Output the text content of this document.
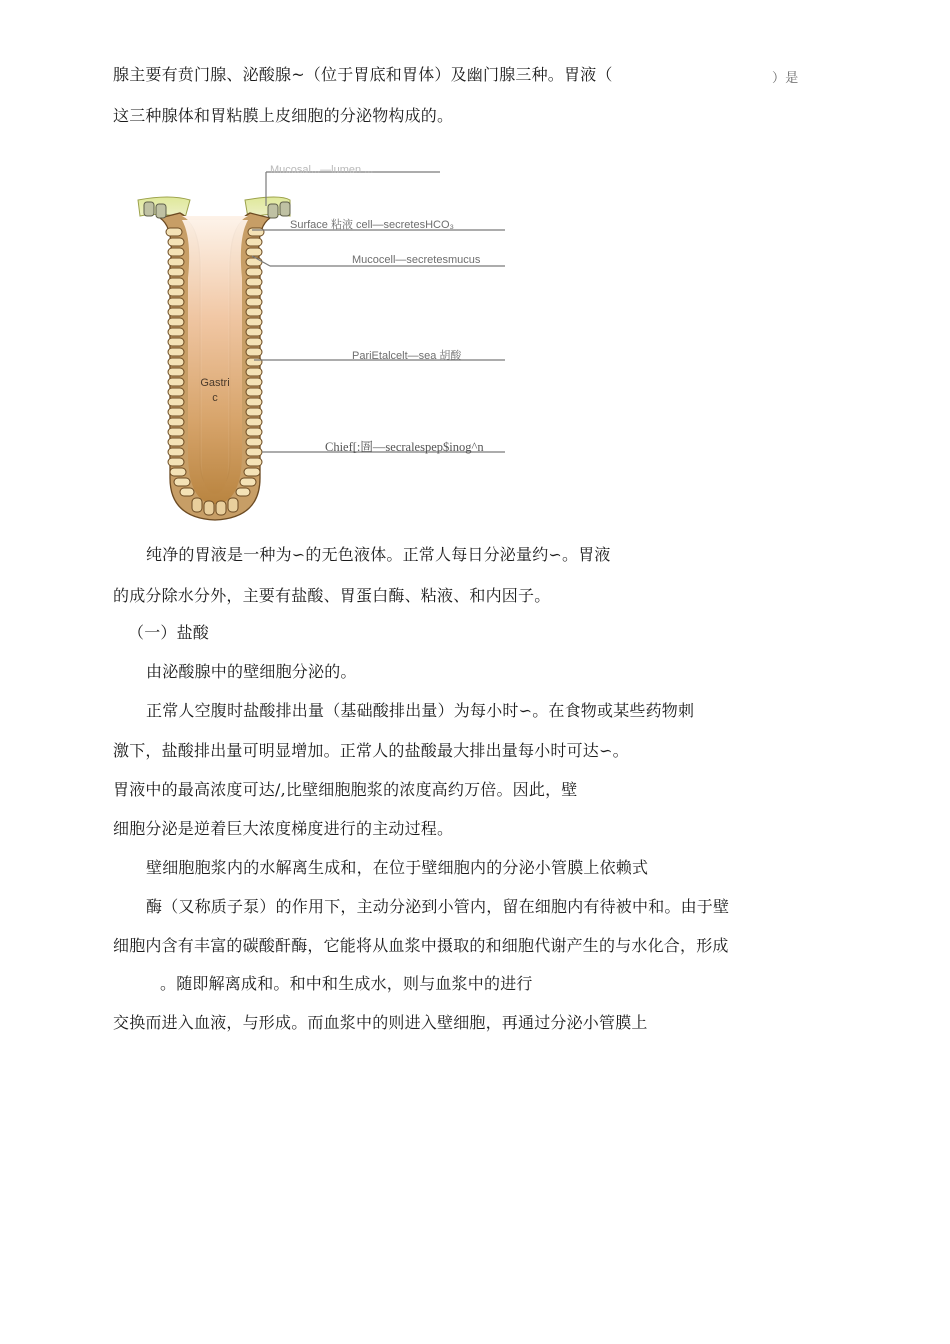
腺主要有贲门腺、泌酸腺~（位于胃底和胃体）及幽门腺三种。胃液（	）是
这三种腺体和胃粘膜上皮细胞的分泌物构成的。
Mucosal...—lumen ...
Surface 粘液 cell—secretesHCO₃
Mucocell—secretesmucus
PariEtalcelt—sea 胡酸
Chief[:圄—secralespep$inog^n
Gastri
c
纯净的胃液是一种为∽的无色液体。正常人每日分泌量约∽。胃液
的成分除水分外，主要有盐酸、胃蛋白酶、粘液、和内因子。
（一）盐酸
由泌酸腺中的壁细胞分泌的。
正常人空腹时盐酸排出量（基础酸排出量）为每小时∽。在食物或某些药物刺
激下，盐酸排出量可明显增加。正常人的盐酸最大排出量每小时可达∽。
胃液中的最高浓度可达/,比壁细胞胞浆的浓度高约万倍。因此，壁
细胞分泌是逆着巨大浓度梯度进行的主动过程。
壁细胞胞浆内的水解离生成和，在位于壁细胞内的分泌小管膜上依赖式
酶（又称质子泵）的作用下，主动分泌到小管内，留在细胞内有待被中和。由于壁
细胞内含有丰富的碳酸酐酶，它能将从血浆中摄取的和细胞代谢产生的与水化合，形成
。随即解离成和。和中和生成水，则与血浆中的进行
交换而进入血液，与形成。而血浆中的则进入壁细胞，再通过分泌小管膜上
